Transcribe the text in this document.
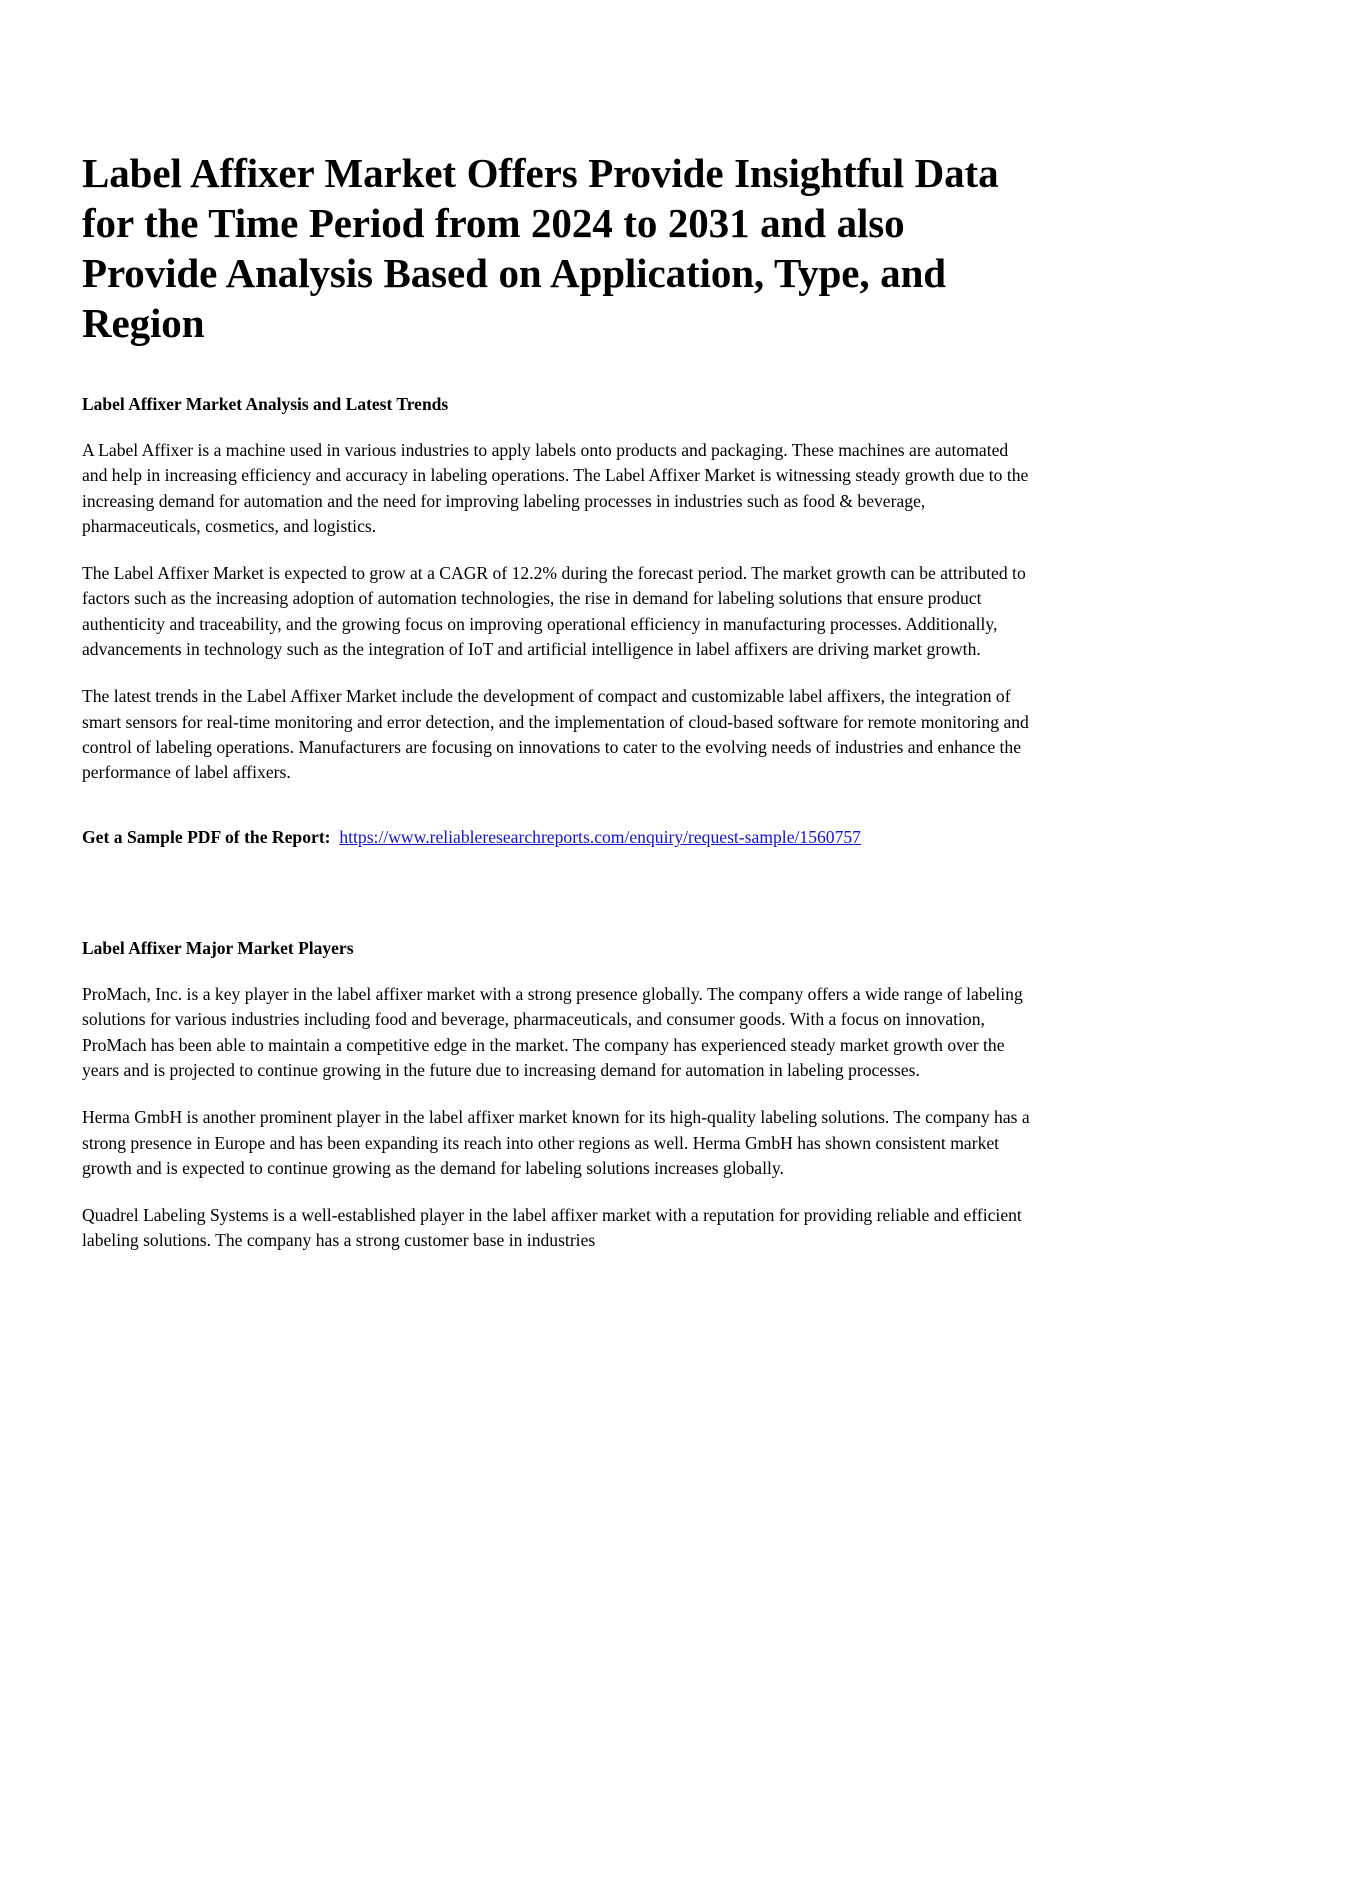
Label Affixer Market Offers Provide Insightful Data for the Time Period from 2024 to 2031 and also Provide Analysis Based on Application, Type, and Region
Label Affixer Market Analysis and Latest Trends

A Label Affixer is a machine used in various industries to apply labels onto products and packaging. These machines are automated and help in increasing efficiency and accuracy in labeling operations. The Label Affixer Market is witnessing steady growth due to the increasing demand for automation and the need for improving labeling processes in industries such as food & beverage, pharmaceuticals, cosmetics, and logistics.

The Label Affixer Market is expected to grow at a CAGR of 12.2% during the forecast period. The market growth can be attributed to factors such as the increasing adoption of automation technologies, the rise in demand for labeling solutions that ensure product authenticity and traceability, and the growing focus on improving operational efficiency in manufacturing processes. Additionally, advancements in technology such as the integration of IoT and artificial intelligence in label affixers are driving market growth.

The latest trends in the Label Affixer Market include the development of compact and customizable label affixers, the integration of smart sensors for real-time monitoring and error detection, and the implementation of cloud-based software for remote monitoring and control of labeling operations. Manufacturers are focusing on innovations to cater to the evolving needs of industries and enhance the performance of label affixers.

Get a Sample PDF of the Report: https://www.reliableresearchreports.com/enquiry/request-sample/1560757

Label Affixer Major Market Players

ProMach, Inc. is a key player in the label affixer market with a strong presence globally. The company offers a wide range of labeling solutions for various industries including food and beverage, pharmaceuticals, and consumer goods. With a focus on innovation, ProMach has been able to maintain a competitive edge in the market. The company has experienced steady market growth over the years and is projected to continue growing in the future due to increasing demand for automation in labeling processes.

Herma GmbH is another prominent player in the label affixer market known for its high-quality labeling solutions. The company has a strong presence in Europe and has been expanding its reach into other regions as well. Herma GmbH has shown consistent market growth and is expected to continue growing as the demand for labeling solutions increases globally.

Quadrel Labeling Systems is a well-established player in the label affixer market with a reputation for providing reliable and efficient labeling solutions. The company has a strong customer base in industries
